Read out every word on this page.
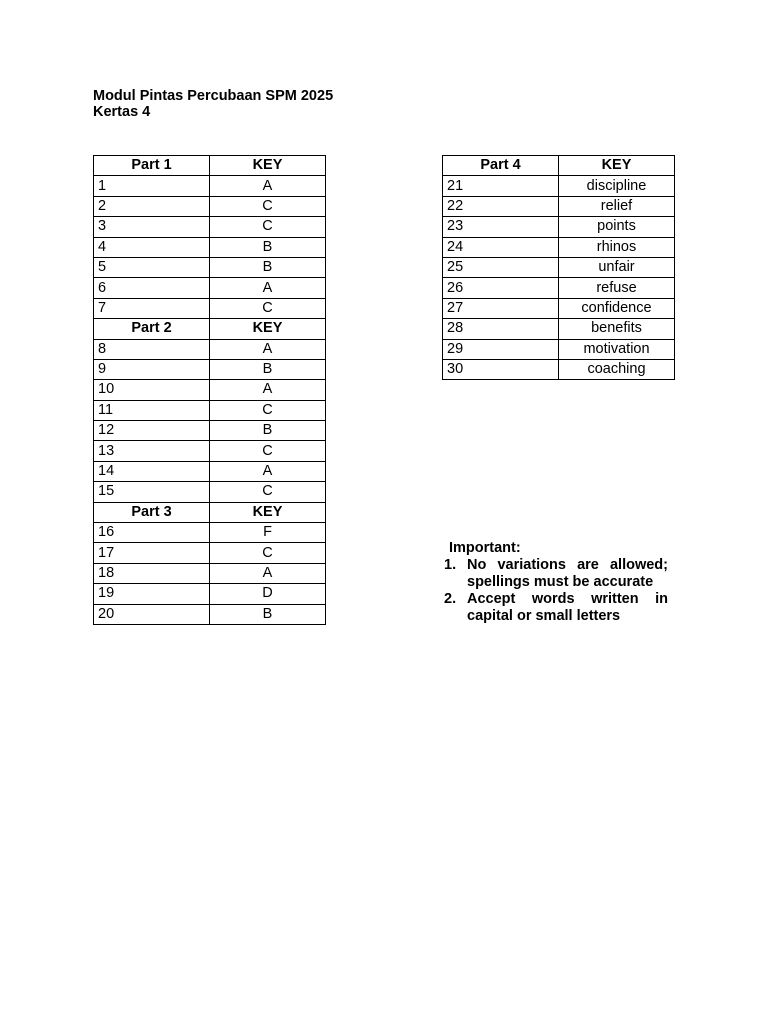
Modul Pintas Percubaan SPM 2025
Kertas 4
Part 1	KEY
1	A
2	C
3	C
4	B
5	B
6	A
7	C
Part 2	KEY
8	A
9	B
10	A
11	C
12	B
13	C
14	A
15	C
Part 3	KEY
16	F
17	C
18	A
19	D
20	B
Part 4	KEY
21	discipline
22	relief
23	points
24	rhinos
25	unfair
26	refuse
27	confidence
28	benefits
29	motivation
30	coaching
Important:
1. No variations are allowed; spellings must be accurate
2. Accept words written in capital or small letters
